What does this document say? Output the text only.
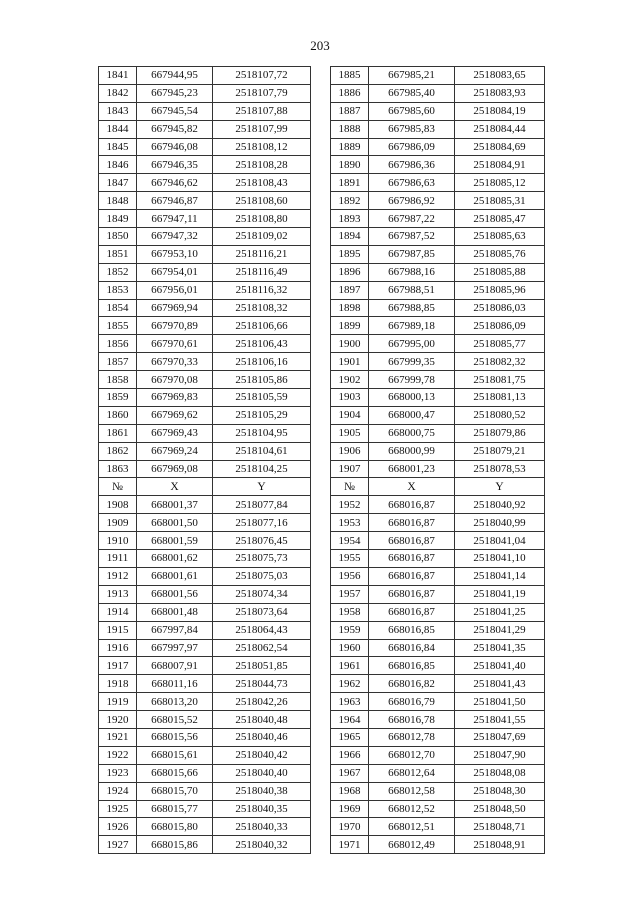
203
1841	667944,95	2518107,72		1885	667985,21	2518083,65
1842	667945,23	2518107,79		1886	667985,40	2518083,93
1843	667945,54	2518107,88		1887	667985,60	2518084,19
1844	667945,82	2518107,99		1888	667985,83	2518084,44
1845	667946,08	2518108,12		1889	667986,09	2518084,69
1846	667946,35	2518108,28		1890	667986,36	2518084,91
1847	667946,62	2518108,43		1891	667986,63	2518085,12
1848	667946,87	2518108,60		1892	667986,92	2518085,31
1849	667947,11	2518108,80		1893	667987,22	2518085,47
1850	667947,32	2518109,02		1894	667987,52	2518085,63
1851	667953,10	2518116,21		1895	667987,85	2518085,76
1852	667954,01	2518116,49		1896	667988,16	2518085,88
1853	667956,01	2518116,32		1897	667988,51	2518085,96
1854	667969,94	2518108,32		1898	667988,85	2518086,03
1855	667970,89	2518106,66		1899	667989,18	2518086,09
1856	667970,61	2518106,43		1900	667995,00	2518085,77
1857	667970,33	2518106,16		1901	667999,35	2518082,32
1858	667970,08	2518105,86		1902	667999,78	2518081,75
1859	667969,83	2518105,59		1903	668000,13	2518081,13
1860	667969,62	2518105,29		1904	668000,47	2518080,52
1861	667969,43	2518104,95		1905	668000,75	2518079,86
1862	667969,24	2518104,61		1906	668000,99	2518079,21
1863	667969,08	2518104,25		1907	668001,23	2518078,53
№	X	Y		№	X	Y
1908	668001,37	2518077,84		1952	668016,87	2518040,92
1909	668001,50	2518077,16		1953	668016,87	2518040,99
1910	668001,59	2518076,45		1954	668016,87	2518041,04
1911	668001,62	2518075,73		1955	668016,87	2518041,10
1912	668001,61	2518075,03		1956	668016,87	2518041,14
1913	668001,56	2518074,34		1957	668016,87	2518041,19
1914	668001,48	2518073,64		1958	668016,87	2518041,25
1915	667997,84	2518064,43		1959	668016,85	2518041,29
1916	667997,97	2518062,54		1960	668016,84	2518041,35
1917	668007,91	2518051,85		1961	668016,85	2518041,40
1918	668011,16	2518044,73		1962	668016,82	2518041,43
1919	668013,20	2518042,26		1963	668016,79	2518041,50
1920	668015,52	2518040,48		1964	668016,78	2518041,55
1921	668015,56	2518040,46		1965	668012,78	2518047,69
1922	668015,61	2518040,42		1966	668012,70	2518047,90
1923	668015,66	2518040,40		1967	668012,64	2518048,08
1924	668015,70	2518040,38		1968	668012,58	2518048,30
1925	668015,77	2518040,35		1969	668012,52	2518048,50
1926	668015,80	2518040,33		1970	668012,51	2518048,71
1927	668015,86	2518040,32		1971	668012,49	2518048,91
